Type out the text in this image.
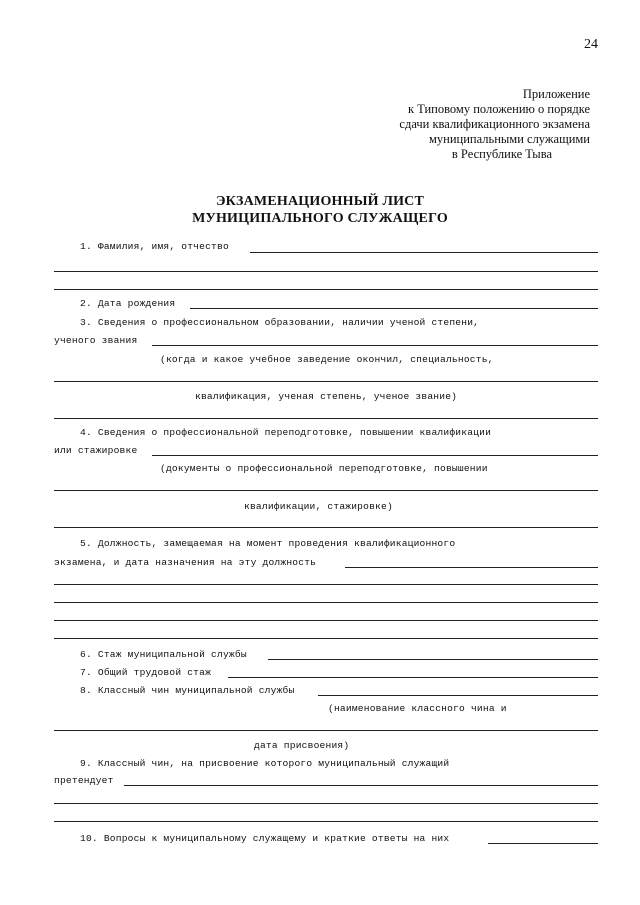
24
Приложение
к Типовому положению о порядке
сдачи квалификационного экзамена
муниципальными служащими
в Республике Тыва
ЭКЗАМЕНАЦИОННЫЙ ЛИСТ
МУНИЦИПАЛЬНОГО СЛУЖАЩЕГО
1. Фамилия, имя, отчество
2. Дата рождения
3. Сведения о профессиональном образовании, наличии ученой степени,
ученого звания
(когда и какое учебное заведение окончил, специальность,
квалификация, ученая степень, ученое звание)
4. Сведения о профессиональной переподготовке, повышении квалификации
или стажировке
(документы о профессиональной переподготовке, повышении
квалификации, стажировке)
5. Должность, замещаемая на момент проведения квалификационного
экзамена, и дата назначения на эту должность
6. Стаж муниципальной службы
7. Общий трудовой стаж
8. Классный чин муниципальной службы
(наименование классного чина и
дата присвоения)
9. Классный чин, на присвоение которого муниципальный служащий
претендует
10. Вопросы к муниципальному служащему и краткие ответы на них
